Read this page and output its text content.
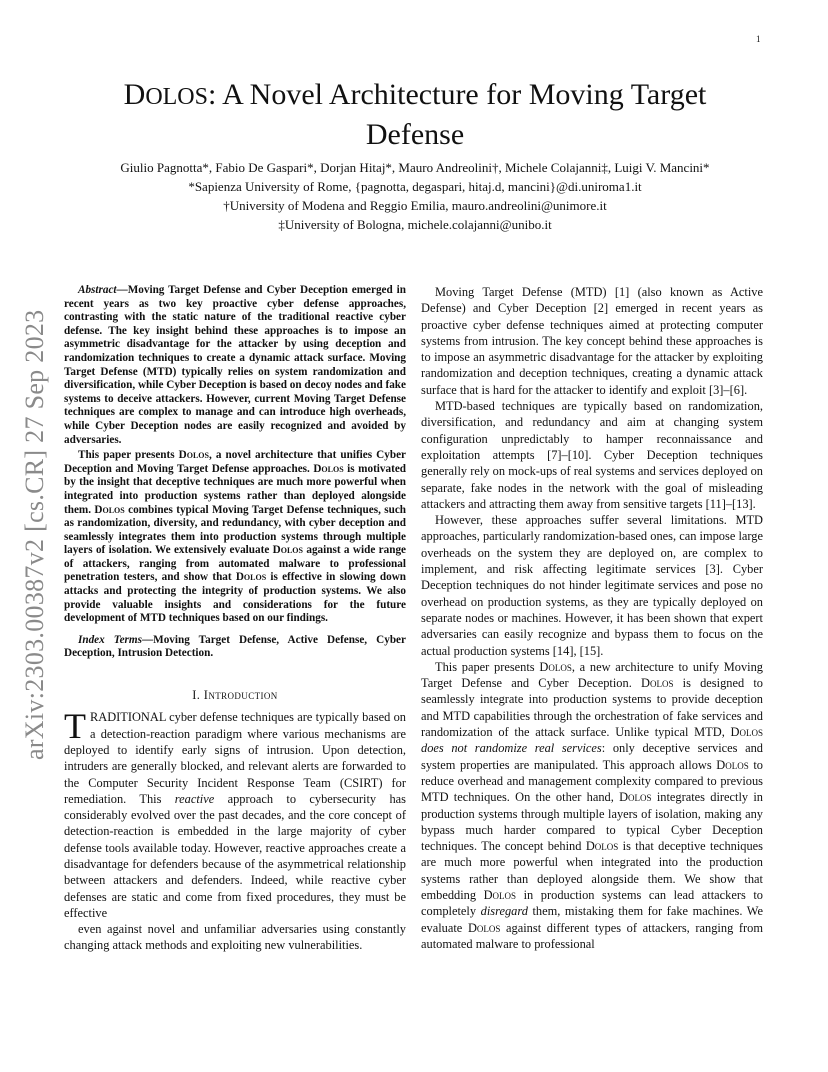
1
arXiv:2303.00387v2 [cs.CR] 27 Sep 2023
DOLOS: A Novel Architecture for Moving Target
Defense
Giulio Pagnotta*, Fabio De Gaspari*, Dorjan Hitaj*, Mauro Andreolini†, Michele Colajanni‡, Luigi V. Mancini*
*Sapienza University of Rome, {pagnotta, degaspari, hitaj.d, mancini}@di.uniroma1.it
†University of Modena and Reggio Emilia, mauro.andreolini@unimore.it
‡University of Bologna, michele.colajanni@unibo.it

Abstract—Moving Target Defense and Cyber Deception emerged in recent years as two key proactive cyber defense approaches, contrasting with the static nature of the traditional reactive cyber defense. The key insight behind these approaches is to impose an asymmetric disadvantage for the attacker by using deception and randomization techniques to create a dynamic attack surface. Moving Target Defense (MTD) typically relies on system randomization and diversification, while Cyber Deception is based on decoy nodes and fake systems to deceive attackers. However, current Moving Target Defense techniques are complex to manage and can introduce high overheads, while Cyber Deception nodes are easily recognized and avoided by adversaries.

This paper presents Dolos, a novel architecture that unifies Cyber Deception and Moving Target Defense approaches. Dolos is motivated by the insight that deceptive techniques are much more powerful when integrated into production systems rather than deployed alongside them. Dolos combines typical Moving Target Defense techniques, such as randomization, diversity, and redundancy, with cyber deception and seamlessly integrates them into production systems through multiple layers of isolation. We extensively evaluate Dolos against a wide range of attackers, ranging from automated malware to professional penetration testers, and show that Dolos is effective in slowing down attacks and protecting the integrity of production systems. We also provide valuable insights and considerations for the future development of MTD techniques based on our findings.

Index Terms—Moving Target Defense, Active Defense, Cyber Deception, Intrusion Detection.

I. Introduction

TRADITIONAL cyber defense techniques are typically based on a detection-reaction paradigm where various mechanisms are deployed to identify early signs of intrusion. Upon detection, intruders are generally blocked, and relevant alerts are forwarded to the Computer Security Incident Response Team (CSIRT) for remediation. This reactive approach to cybersecurity has considerably evolved over the past decades, and the core concept of detection-reaction is embedded in the large majority of cyber defense tools available today. However, reactive approaches create a disadvantage for defenders because of the asymmetrical relationship between attackers and defenders. Indeed, while reactive cyber defenses are static and come from fixed procedures, they must be effective

even against novel and unfamiliar adversaries using constantly changing attack methods and exploiting new vulnerabilities.

Moving Target Defense (MTD) [1] (also known as Active Defense) and Cyber Deception [2] emerged in recent years as proactive cyber defense techniques aimed at protecting computer systems from intrusion. The key concept behind these approaches is to impose an asymmetric disadvantage for the attacker by exploiting randomization and deception techniques, creating a dynamic attack surface that is hard for the attacker to identify and exploit [3]–[6].

MTD-based techniques are typically based on randomization, diversification, and redundancy and aim at changing system configuration unpredictably to hamper reconnaissance and exploitation attempts [7]–[10]. Cyber Deception techniques generally rely on mock-ups of real systems and services deployed on separate, fake nodes in the network with the goal of misleading attackers and attracting them away from sensitive targets [11]–[13].

However, these approaches suffer several limitations. MTD approaches, particularly randomization-based ones, can impose large overheads on the system they are deployed on, are complex to implement, and risk affecting legitimate services [3]. Cyber Deception techniques do not hinder legitimate services and pose no overhead on production systems, as they are typically deployed on separate nodes or machines. However, it has been shown that expert adversaries can easily recognize and bypass them to focus on the actual production systems [14], [15].

This paper presents Dolos, a new architecture to unify Moving Target Defense and Cyber Deception. Dolos is designed to seamlessly integrate into production systems to provide deception and MTD capabilities through the orchestration of fake services and randomization of the attack surface. Unlike typical MTD, Dolos does not randomize real services: only deceptive services and system properties are manipulated. This approach allows Dolos to reduce overhead and management complexity compared to previous MTD techniques. On the other hand, Dolos integrates directly in production systems through multiple layers of isolation, making any bypass much harder compared to typical Cyber Deception techniques. The concept behind Dolos is that deceptive techniques are much more powerful when integrated into the production systems rather than deployed alongside them. We show that embedding Dolos in production systems can lead attackers to completely disregard them, mistaking them for fake machines. We evaluate Dolos against different types of attackers, ranging from automated malware to professional
